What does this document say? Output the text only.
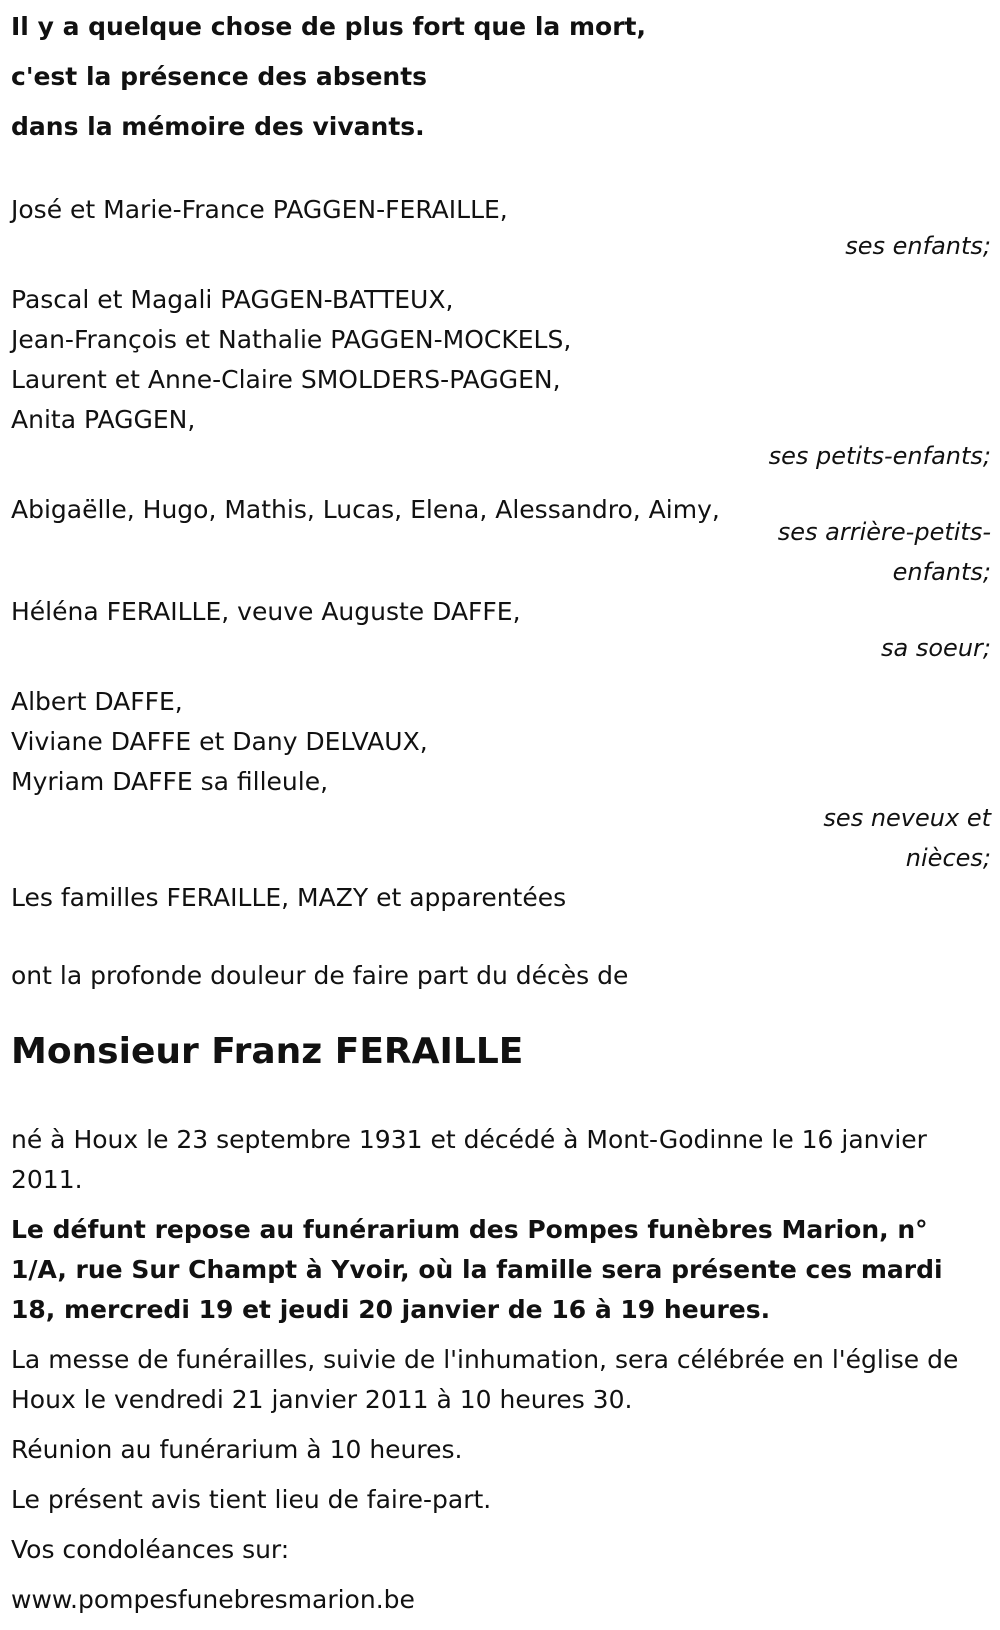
Il y a quelque chose de plus fort que la mort,
c'est la présence des absents
dans la mémoire des vivants.
José et Marie-France PAGGEN-FERAILLE,
ses enfants;
Pascal et Magali PAGGEN-BATTEUX,
Jean-François et Nathalie PAGGEN-MOCKELS,
Laurent et Anne-Claire SMOLDERS-PAGGEN,
Anita PAGGEN,
ses petits-enfants;
Abigaëlle, Hugo, Mathis, Lucas, Elena, Alessandro, Aimy,
ses arrière-petits-enfants;
Héléna FERAILLE, veuve Auguste DAFFE,
sa soeur;
Albert DAFFE,
Viviane DAFFE et Dany DELVAUX,
Myriam DAFFE sa filleule,
ses neveux et nièces;
Les familles FERAILLE, MAZY et apparentées
ont la profonde douleur de faire part du décès de
Monsieur Franz FERAILLE

né à Houx le 23 septembre 1931 et décédé à Mont-Godinne le 16 janvier 2011.

Le défunt repose au funérarium des Pompes funèbres Marion, n° 1/A, rue Sur Champt à Yvoir, où la famille sera présente ces mardi 18, mercredi 19 et jeudi 20 janvier de 16 à 19 heures.

La messe de funérailles, suivie de l'inhumation, sera célébrée en l'église de Houx le vendredi 21 janvier 2011 à 10 heures 30.

Réunion au funérarium à 10 heures.

Le présent avis tient lieu de faire-part.

Vos condoléances sur:

www.pompesfunebresmarion.be
